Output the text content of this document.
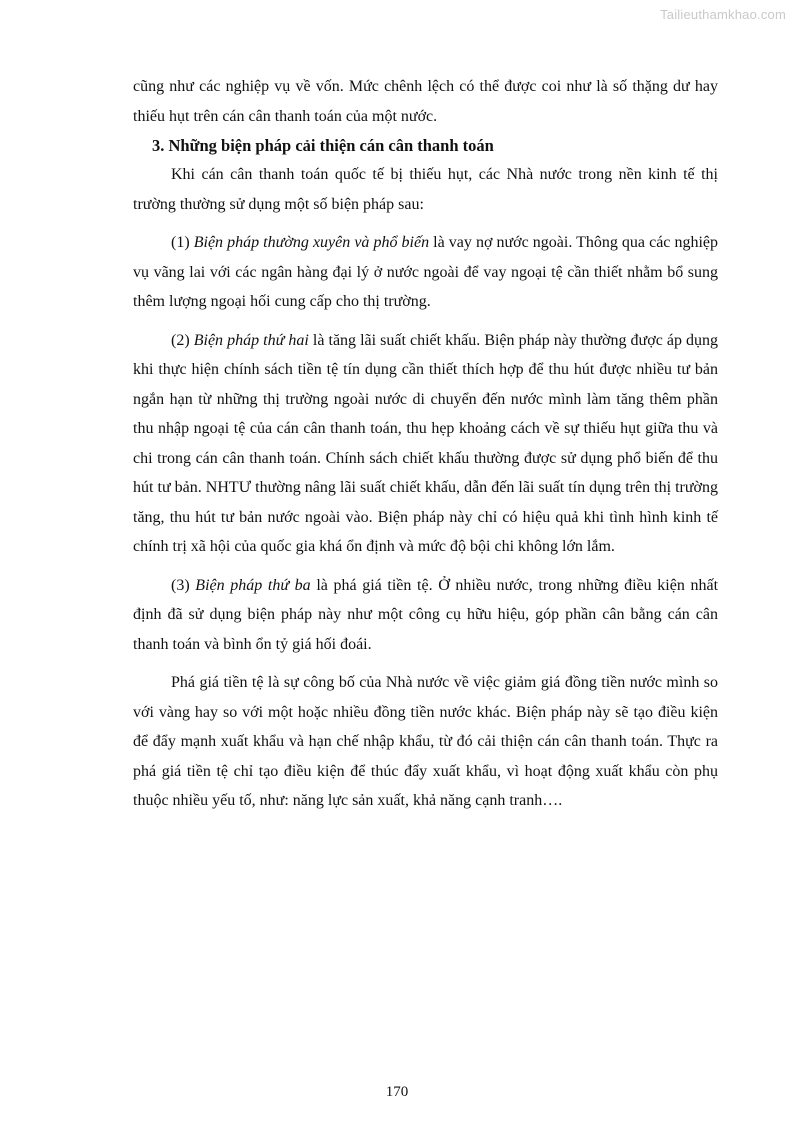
Tailieuthamkhao.com

cũng như các nghiệp vụ về vốn. Mức chênh lệch có thể được coi như là số thặng dư hay thiếu hụt trên cán cân thanh toán của một nước.

3. Những biện pháp cải thiện cán cân thanh toán

Khi cán cân thanh toán quốc tế bị thiếu hụt, các Nhà nước trong nền kinh tế thị trường thường sử dụng một số biện pháp sau:

(1) Biện pháp thường xuyên và phổ biến là vay nợ nước ngoài. Thông qua các nghiệp vụ vãng lai với các ngân hàng đại lý ở nước ngoài để vay ngoại tệ cần thiết nhằm bổ sung thêm lượng ngoại hối cung cấp cho thị trường.

(2) Biện pháp thứ hai là tăng lãi suất chiết khấu. Biện pháp này thường được áp dụng khi thực hiện chính sách tiền tệ tín dụng cần thiết thích hợp để thu hút được nhiều tư bản ngắn hạn từ những thị trường ngoài nước di chuyển đến nước mình làm tăng thêm phần thu nhập ngoại tệ của cán cân thanh toán, thu hẹp khoảng cách về sự thiếu hụt giữa thu và chi trong cán cân thanh toán. Chính sách chiết khấu thường được sử dụng phổ biến để thu hút tư bản. NHTƯ thường nâng lãi suất chiết khấu, dẫn đến lãi suất tín dụng trên thị trường tăng, thu hút tư bản nước ngoài vào. Biện pháp này chỉ có hiệu quả khi tình hình kinh tế chính trị xã hội của quốc gia khá ổn định và mức độ bội chi không lớn lắm.

(3) Biện pháp thứ ba là phá giá tiền tệ. Ở nhiều nước, trong những điều kiện nhất định đã sử dụng biện pháp này như một công cụ hữu hiệu, góp phần cân bằng cán cân thanh toán và bình ổn tỷ giá hối đoái.

Phá giá tiền tệ là sự công bố của Nhà nước về việc giảm giá đồng tiền nước mình so với vàng hay so với một hoặc nhiều đồng tiền nước khác. Biện pháp này sẽ tạo điều kiện để đẩy mạnh xuất khẩu và hạn chế nhập khẩu, từ đó cải thiện cán cân thanh toán. Thực ra phá giá tiền tệ chỉ tạo điều kiện để thúc đẩy xuất khẩu, vì hoạt động xuất khẩu còn phụ thuộc nhiều yếu tố, như: năng lực sản xuất, khả năng cạnh tranh….

170
